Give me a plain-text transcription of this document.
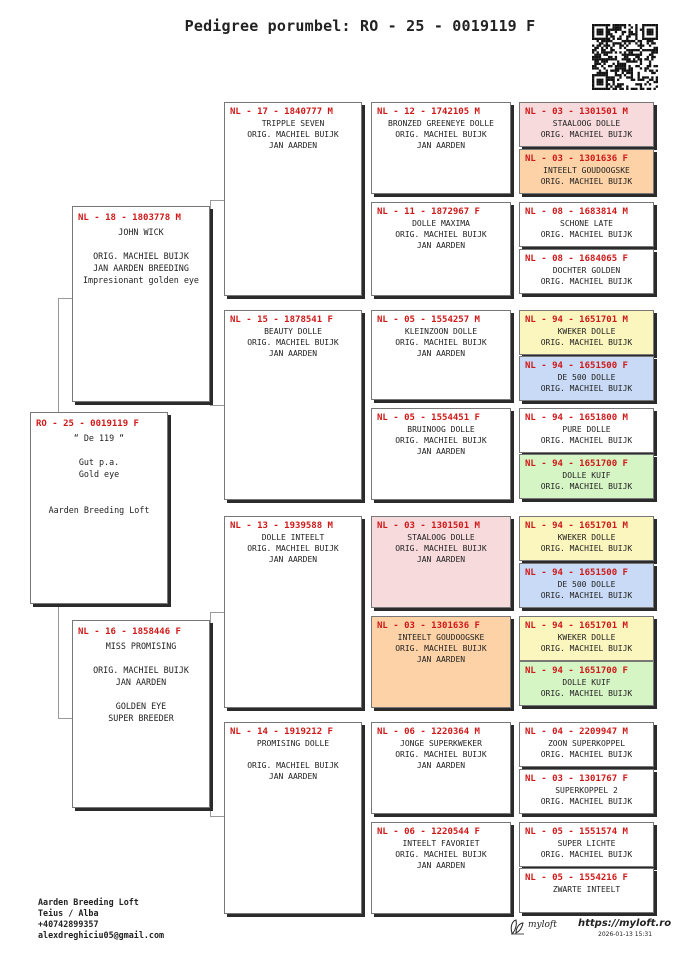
Pedigree porumbel: RO - 25 - 0019119 F
RO - 25 - 0019119 F
“ De 119 “
Gut p.a.
Gold eye
Aarden Breeding Loft
NL - 18 - 1803778 M
JOHN WICK
ORIG. MACHIEL BUIJK
JAN AARDEN BREEDING
Impresionant golden eye
NL - 16 - 1858446 F
MISS PROMISING
ORIG. MACHIEL BUIJK
JAN AARDEN
GOLDEN EYE
SUPER BREEDER
NL - 17 - 1840777 M
TRIPPLE SEVEN
ORIG. MACHIEL BUIJK
JAN AARDEN
NL - 15 - 1878541 F
BEAUTY DOLLE
ORIG. MACHIEL BUIJK
JAN AARDEN
NL - 13 - 1939588 M
DOLLE INTEELT
ORIG. MACHIEL BUIJK
JAN AARDEN
NL - 14 - 1919212 F
PROMISING DOLLE
ORIG. MACHIEL BUIJK
JAN AARDEN
NL - 12 - 1742105 M
BRONZED GREENEYE DOLLE
ORIG. MACHIEL BUIJK
JAN AARDEN
NL - 11 - 1872967 F
DOLLE MAXIMA
ORIG. MACHIEL BUIJK
JAN AARDEN
NL - 05 - 1554257 M
KLEINZOON DOLLE
ORIG. MACHIEL BUIJK
JAN AARDEN
NL - 05 - 1554451 F
BRUINOOG DOLLE
ORIG. MACHIEL BUIJK
JAN AARDEN
NL - 03 - 1301501 M
STAALOOG DOLLE
ORIG. MACHIEL BUIJK
JAN AARDEN
NL - 03 - 1301636 F
INTEELT GOUDOOGSKE
ORIG. MACHIEL BUIJK
JAN AARDEN
NL - 06 - 1220364 M
JONGE SUPERKWEKER
ORIG. MACHIEL BUIJK
JAN AARDEN
NL - 06 - 1220544 F
INTEELT FAVORIET
ORIG. MACHIEL BUIJK
JAN AARDEN
NL - 03 - 1301501 M
STAALOOG DOLLE
ORIG. MACHIEL BUIJK
NL - 03 - 1301636 F
INTEELT GOUDOOGSKE
ORIG. MACHIEL BUIJK
NL - 08 - 1683814 M
SCHONE LATE
ORIG. MACHIEL BUIJK
NL - 08 - 1684065 F
DOCHTER GOLDEN
ORIG. MACHIEL BUIJK
NL - 94 - 1651701 M
KWEKER DOLLE
ORIG. MACHIEL BUIJK
NL - 94 - 1651500 F
DE 500 DOLLE
ORIG. MACHIEL BUIJK
NL - 94 - 1651800 M
PURE DOLLE
ORIG. MACHIEL BUIJK
NL - 94 - 1651700 F
DOLLE KUIF
ORIG. MACHIEL BUIJK
NL - 94 - 1651701 M
KWEKER DOLLE
ORIG. MACHIEL BUIJK
NL - 94 - 1651500 F
DE 500 DOLLE
ORIG. MACHIEL BUIJK
NL - 94 - 1651701 M
KWEKER DOLLE
ORIG. MACHIEL BUIJK
NL - 94 - 1651700 F
DOLLE KUIF
ORIG. MACHIEL BUIJK
NL - 04 - 2209947 M
ZOON SUPERKOPPEL
ORIG. MACHIEL BUIJK
NL - 03 - 1301767 F
SUPERKOPPEL 2
ORIG. MACHIEL BUIJK
NL - 05 - 1551574 M
SUPER LICHTE
ORIG. MACHIEL BUIJK
NL - 05 - 1554216 F
ZWARTE INTEELT
Aarden Breeding Loft
Teius / Alba
+40742899357
alexdreghiciu05@gmail.com
myloft https://myloft.ro
2026-01-13 15:31
